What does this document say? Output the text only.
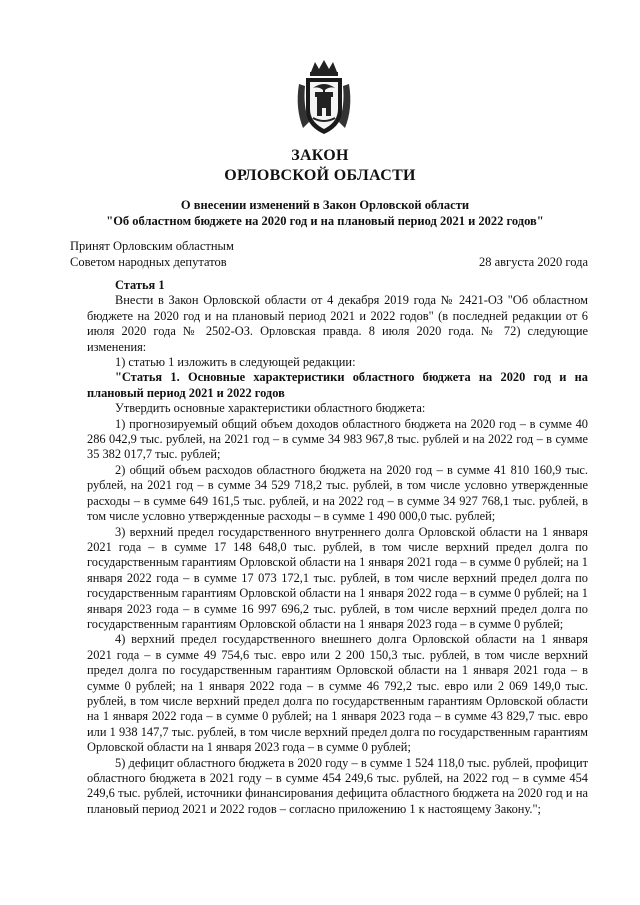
ЗАКОН
ОРЛОВСКОЙ ОБЛАСТИ
О внесении изменений в Закон Орловской области
"Об областном бюджете на 2020 год и на плановый период 2021 и 2022 годов"
Принят Орловским областным
Советом народных депутатов	28 августа 2020 года

Статья 1

Внести в Закон Орловской области от 4 декабря 2019 года № 2421-ОЗ "Об областном бюджете на 2020 год и на плановый период 2021 и 2022 годов" (в последней редакции от 6 июля 2020 года № 2502-ОЗ. Орловская правда. 8 июля 2020 года. № 72) следующие изменения:

1) статью 1 изложить в следующей редакции:

"Статья 1. Основные характеристики областного бюджета на 2020 год и на плановый период 2021 и 2022 годов

Утвердить основные характеристики областного бюджета:

1) прогнозируемый общий объем доходов областного бюджета на 2020 год – в сумме 40 286 042,9 тыс. рублей, на 2021 год – в сумме 34 983 967,8 тыс. рублей и на 2022 год – в сумме 35 382 017,7 тыс. рублей;

2) общий объем расходов областного бюджета на 2020 год – в сумме 41 810 160,9 тыс. рублей, на 2021 год – в сумме 34 529 718,2 тыс. рублей, в том числе условно утвержденные расходы – в сумме 649 161,5 тыс. рублей, и на 2022 год – в сумме 34 927 768,1 тыс. рублей, в том числе условно утвержденные расходы – в сумме 1 490 000,0 тыс. рублей;

3) верхний предел государственного внутреннего долга Орловской области на 1 января 2021 года – в сумме 17 148 648,0 тыс. рублей, в том числе верхний предел долга по государственным гарантиям Орловской области на 1 января 2021 года – в сумме 0 рублей; на 1 января 2022 года – в сумме 17 073 172,1 тыс. рублей, в том числе верхний предел долга по государственным гарантиям Орловской области на 1 января 2022 года – в сумме 0 рублей; на 1 января 2023 года – в сумме 16 997 696,2 тыс. рублей, в том числе верхний предел долга по государственным гарантиям Орловской области на 1 января 2023 года – в сумме 0 рублей;

4) верхний предел государственного внешнего долга Орловской области на 1 января 2021 года – в сумме 49 754,6 тыс. евро или 2 200 150,3 тыс. рублей, в том числе верхний предел долга по государственным гарантиям Орловской области на 1 января 2021 года – в сумме 0 рублей; на 1 января 2022 года – в сумме 46 792,2 тыс. евро или 2 069 149,0 тыс. рублей, в том числе верхний предел долга по государственным гарантиям Орловской области на 1 января 2022 года – в сумме 0 рублей; на 1 января 2023 года – в сумме 43 829,7 тыс. евро или 1 938 147,7 тыс. рублей, в том числе верхний предел долга по государственным гарантиям Орловской области на 1 января 2023 года – в сумме 0 рублей;

5) дефицит областного бюджета в 2020 году – в сумме 1 524 118,0 тыс. рублей, профицит областного бюджета в 2021 году – в сумме 454 249,6 тыс. рублей, на 2022 год – в сумме 454 249,6 тыс. рублей, источники финансирования дефицита областного бюджета на 2020 год и на плановый период 2021 и 2022 годов – согласно приложению 1 к настоящему Закону.";
